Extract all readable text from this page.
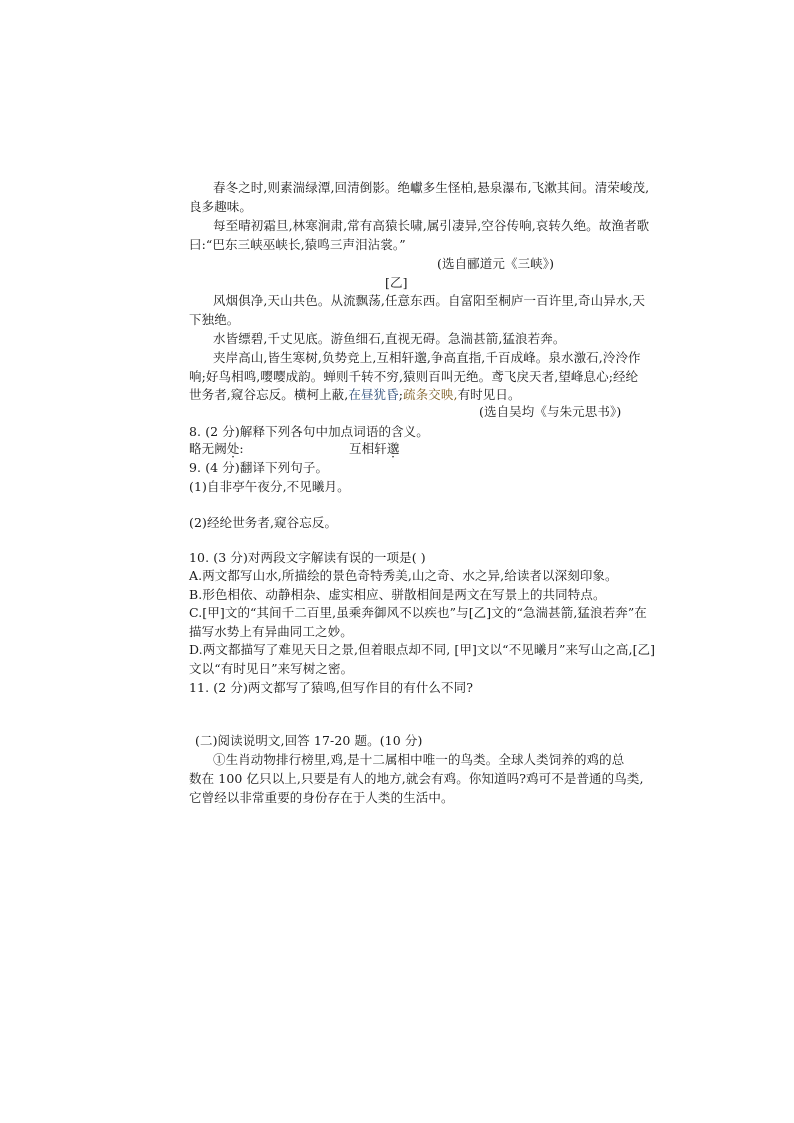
春冬之时,则素湍绿潭,回清倒影。绝巘多生怪柏,悬泉瀑布,飞漱其间。清荣峻茂,
良多趣味。
每至晴初霜旦,林寒涧肃,常有高猿长啸,属引凄异,空谷传响,哀转久绝。故渔者歌
曰:“巴东三峡巫峡长,猿鸣三声泪沾裳。”
(选自郦道元《三峡》)
[乙]
风烟俱净,天山共色。从流飘荡,任意东西。自富阳至桐庐一百许里,奇山异水,天
下独绝。
水皆缥碧,千丈见底。游鱼细石,直视无碍。急湍甚箭,猛浪若奔。
夹岸高山,皆生寒树,负势竞上,互相轩邈,争高直指,千百成峰。泉水激石,泠泠作
响;好鸟相鸣,嘤嘤成韵。蝉则千转不穷,猿则百叫无绝。鸢飞戾天者,望峰息心;经纶
世务者,窥谷忘反。横柯上蔽,在昼犹昏;疏条交映,有时见日。
(选自吴均《与朱元思书》)
8. (2 分)解释下列各句中加点词语的含义。
略无阙处:	互相轩邈
9. (4 分)翻译下列句子。
(1)自非亭午夜分,不见曦月。
(2)经纶世务者,窥谷忘反。
10. (3 分)对两段文字解读有误的一项是( )
A.两文都写山水,所描绘的景色奇特秀美,山之奇、水之异,给读者以深刻印象。
B.形色相依、动静相杂、虚实相应、骈散相间是两文在写景上的共同特点。
C.[甲]文的“其间千二百里,虽乘奔御风不以疾也”与[乙]文的“急湍甚箭,猛浪若奔”在
描写水势上有异曲同工之妙。
D.两文都描写了难见天日之景,但着眼点却不同, [甲]文以“不见曦月”来写山之高,[乙]
文以“有时见日”来写树之密。
11. (2 分)两文都写了猿鸣,但写作目的有什么不同?
(二)阅读说明文,回答 17-20 题。(10 分)
①生肖动物排行榜里,鸡,是十二属相中唯一的鸟类。全球人类饲养的鸡的总
数在 100 亿只以上,只要是有人的地方,就会有鸡。你知道吗?鸡可不是普通的鸟类,
它曾经以非常重要的身份存在于人类的生活中。
